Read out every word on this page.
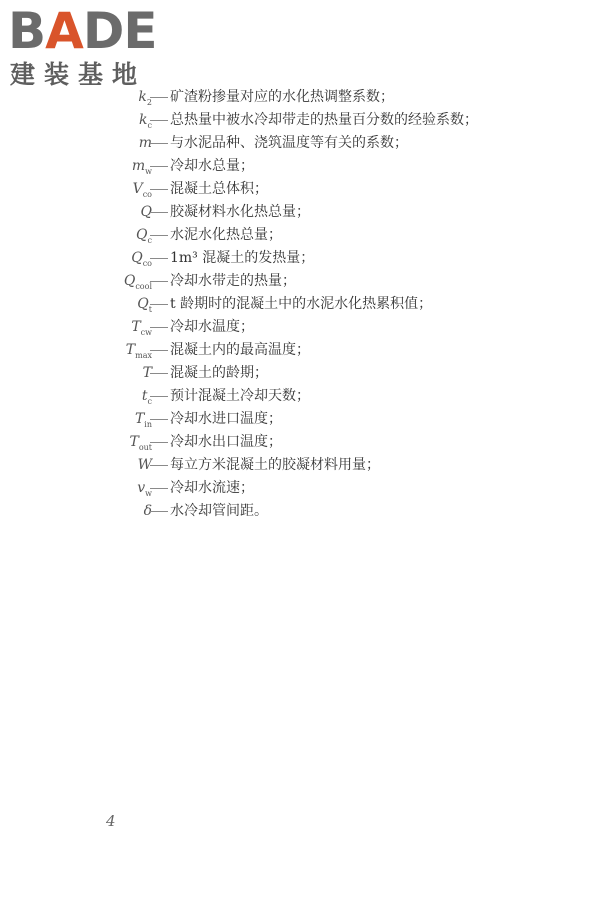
BADE
建装基地
$k_2$ 矿渣粉掺量对应的水化热调整系数；
$k_c$ 总热量中被水冷却带走的热量百分数的经验系数；
m 与水泥品种、浇筑温度等有关的系数；
$m_w$ 冷却水总量；
$V_{co}$ 混凝土总体积；
Q 胶凝材料水化热总量；
$Q_c$ 水泥水化热总量；
$Q_{co}$ 1m³ 混凝土的发热量；
$Q_{cool}$ 冷却水带走的热量；
$Q_t$ t 龄期时的混凝土中的水泥水化热累积值；
$T_{cw}$ 冷却水温度；
$T_{max}$ 混凝土内的最高温度；
T 混凝土的龄期；
$t_c$ 预计混凝土冷却天数；
$T_{in}$ 冷却水进口温度；
$T_{out}$ 冷却水出口温度；
W 每立方米混凝土的胶凝材料用量；
$v_w$ 冷却水流速；
δ 水冷却管间距。
4
